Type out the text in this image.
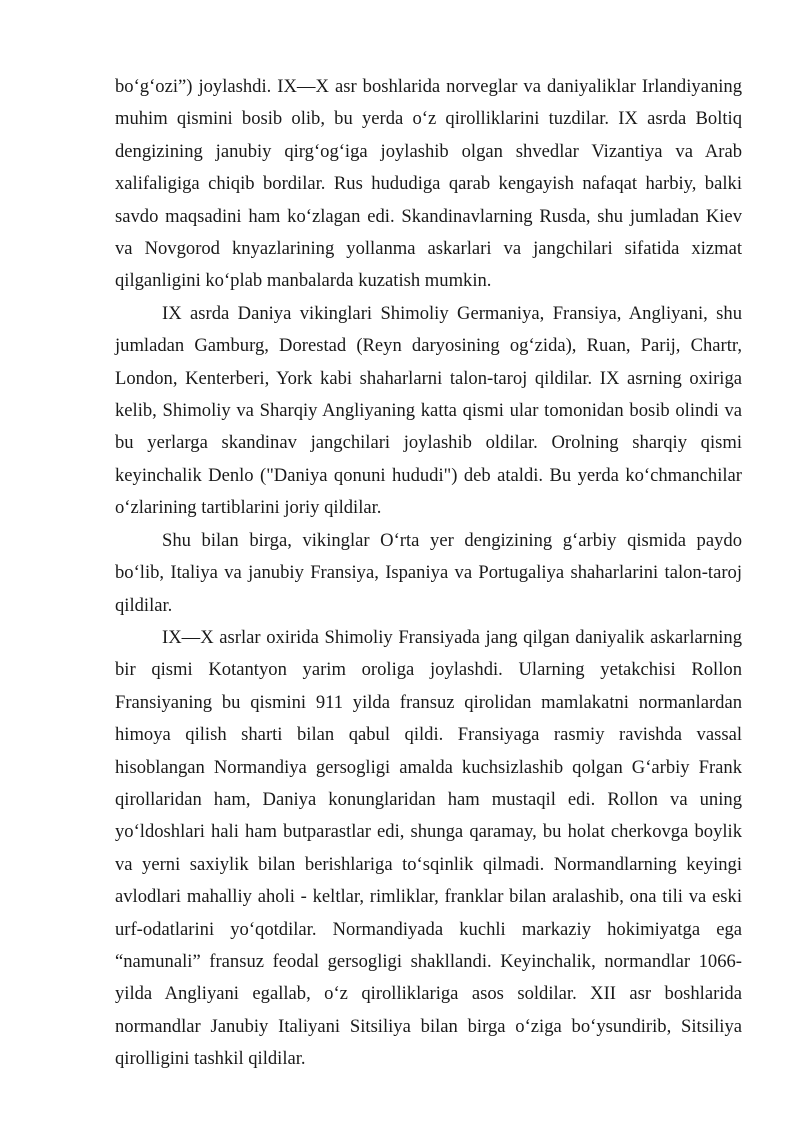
bo‘g‘ozi”) joylashdi. IX—X asr boshlarida norveglar va daniyaliklar Irlandiyaning muhim qismini bosib olib, bu yerda o‘z qirolliklarini tuzdilar. IX asrda Boltiq dengizining janubiy qirg‘og‘iga joylashib olgan shvedlar Vizantiya va Arab xalifaligiga chiqib bordilar. Rus hududiga qarab kengayish nafaqat harbiy, balki savdo maqsadini ham ko‘zlagan edi. Skandinavlarning Rusda, shu jumladan Kiev va Novgorod knyazlarining yollanma askarlari va jangchilari sifatida xizmat qilganligini ko‘plab manbalarda kuzatish mumkin.

IX asrda Daniya vikinglari Shimoliy Germaniya, Fransiya, Angliyani, shu jumladan Gamburg, Dorestad (Reyn daryosining og‘zida), Ruan, Parij, Chartr, London, Kenterberi, York kabi shaharlarni talon-taroj qildilar. IX asrning oxiriga kelib, Shimoliy va Sharqiy Angliyaning katta qismi ular tomonidan bosib olindi va bu yerlarga skandinav jangchilari joylashib oldilar. Orolning sharqiy qismi keyinchalik Denlo ("Daniya qonuni hududi") deb ataldi. Bu yerda ko‘chmanchilar o‘zlarining tartiblarini joriy qildilar.

Shu bilan birga, vikinglar O‘rta yer dengizining g‘arbiy qismida paydo bo‘lib, Italiya va janubiy Fransiya, Ispaniya va Portugaliya shaharlarini talon-taroj qildilar.

IX—X asrlar oxirida Shimoliy Fransiyada jang qilgan daniyalik askarlarning bir qismi Kotantyon yarim oroliga joylashdi. Ularning yetakchisi Rollon Fransiyaning bu qismini 911 yilda fransuz qirolidan mamlakatni normanlardan himoya qilish sharti bilan qabul qildi. Fransiyaga rasmiy ravishda vassal hisoblangan Normandiya gersogligi amalda kuchsizlashib qolgan G‘arbiy Frank qirollaridan ham, Daniya konunglaridan ham mustaqil edi. Rollon va uning yo‘ldoshlari hali ham butparastlar edi, shunga qaramay, bu holat cherkovga boylik va yerni saxiylik bilan berishlariga to‘sqinlik qilmadi. Normandlarning keyingi avlodlari mahalliy aholi - keltlar, rimliklar, franklar bilan aralashib, ona tili va eski urf-odatlarini yo‘qotdilar. Normandiyada kuchli markaziy hokimiyatga ega “namunali” fransuz feodal gersogligi shakllandi. Keyinchalik, normandlar 1066-yilda Angliyani egallab, o‘z qirolliklariga asos soldilar. XII asr boshlarida normandlar Janubiy Italiyani Sitsiliya bilan birga o‘ziga bo‘ysundirib, Sitsiliya qirolligini tashkil qildilar.
